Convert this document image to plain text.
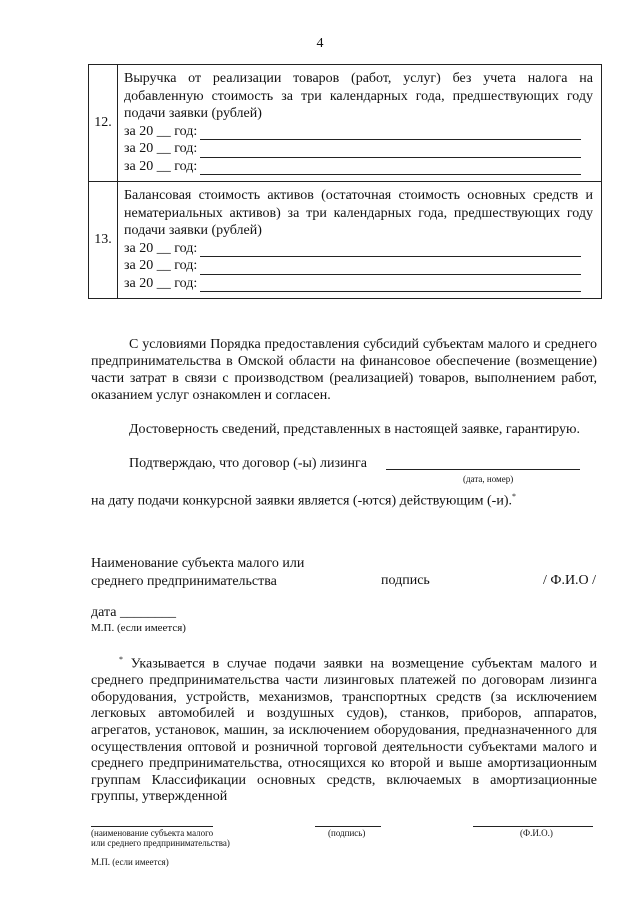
4
12.	Выручка от реализации товаров (работ, услуг) без учета налога на добавленную стоимость за три календарных года, предшествующих году подачи заявки (рублей)
за 20 __ год:
за 20 __ год:
за 20 __ год:

13.	Балансовая стоимость активов (остаточная стоимость основных средств и нематериальных активов) за три календарных года, предшествующих году подачи заявки (рублей)
за 20 __ год:
за 20 __ год:
за 20 __ год:
С условиями Порядка предоставления субсидий субъектам малого и среднего предпринимательства в Омской области на финансовое обеспечение (возмещение) части затрат в связи с производством (реализацией) товаров, выполнением работ, оказанием услуг ознакомлен и согласен.
Достоверность сведений, представленных в настоящей заявке, гарантирую.
Подтверждаю, что договор (-ы) лизинга
(дата, номер)
на дату подачи конкурсной заявки является (-ются) действующим (-и).*
Наименование субъекта малого или
среднего предпринимательства	подпись	/ Ф.И.О /
дата ________
М.П. (если имеется)
* Указывается в случае подачи заявки на возмещение субъектам малого и среднего предпринимательства части лизинговых платежей по договорам лизинга оборудования, устройств, механизмов, транспортных средств (за исключением легковых автомобилей и воздушных судов), станков, приборов, аппаратов, агрегатов, установок, машин, за исключением оборудования, предназначенного для осуществления оптовой и розничной торговой деятельности субъектами малого и среднего предпринимательства, относящихся ко второй и выше амортизационным группам Классификации основных средств, включаемых в амортизационные группы, утвержденной
(наименование субъекта малого
или среднего предпринимательства)
(подпись)	(Ф.И.О.)
М.П. (если имеется)
